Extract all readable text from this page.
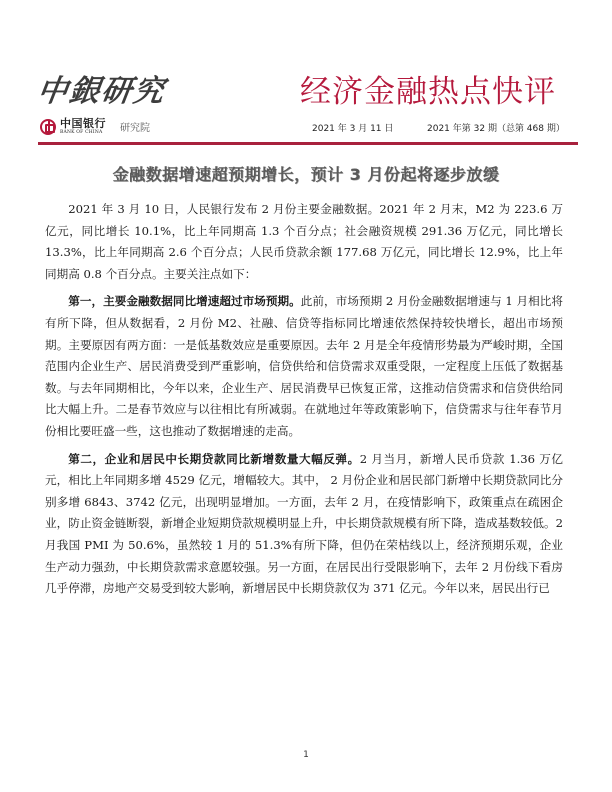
中銀研究	经济金融热点快评
中国银行
BANK OF CHINA	研究院	2021 年 3 月 11 日	2021 年第 32 期（总第 468 期）
金融数据增速超预期增长，预计 3 月份起将逐步放缓

2021 年 3 月 10 日，人民银行发布 2 月份主要金融数据。2021 年 2 月末，M2 为 223.6 万亿元，同比增长 10.1%，比上年同期高 1.3 个百分点；社会融资规模 291.36 万亿元，同比增长 13.3%，比上年同期高 2.6 个百分点；人民币贷款余额 177.68 万亿元，同比增长 12.9%，比上年同期高 0.8 个百分点。主要关注点如下：

第一，主要金融数据同比增速超过市场预期。此前，市场预期 2 月份金融数据增速与 1 月相比将有所下降，但从数据看，2 月份 M2、社融、信贷等指标同比增速依然保持较快增长，超出市场预期。主要原因有两方面：一是低基数效应是重要原因。去年 2 月是全年疫情形势最为严峻时期，全国范围内企业生产、居民消费受到严重影响，信贷供给和信贷需求双重受限，一定程度上压低了数据基数。与去年同期相比，今年以来，企业生产、居民消费早已恢复正常，这推动信贷需求和信贷供给同比大幅上升。二是春节效应与以往相比有所减弱。在就地过年等政策影响下，信贷需求与往年春节月份相比要旺盛一些，这也推动了数据增速的走高。

第二，企业和居民中长期贷款同比新增数量大幅反弹。2 月当月，新增人民币贷款 1.36 万亿元，相比上年同期多增 4529 亿元，增幅较大。其中， 2 月份企业和居民部门新增中长期贷款同比分别多增 6843、3742 亿元，出现明显增加。一方面，去年 2 月，在疫情影响下，政策重点在疏困企业，防止资金链断裂，新增企业短期贷款规模明显上升，中长期贷款规模有所下降，造成基数较低。2 月我国 PMI 为 50.6%，虽然较 1 月的 51.3%有所下降，但仍在荣枯线以上，经济预期乐观，企业生产动力强劲，中长期贷款需求意愿较强。另一方面，在居民出行受限影响下，去年 2 月份线下看房几乎停滞，房地产交易受到较大影响，新增居民中长期贷款仅为 371 亿元。今年以来，居民出行已

1
